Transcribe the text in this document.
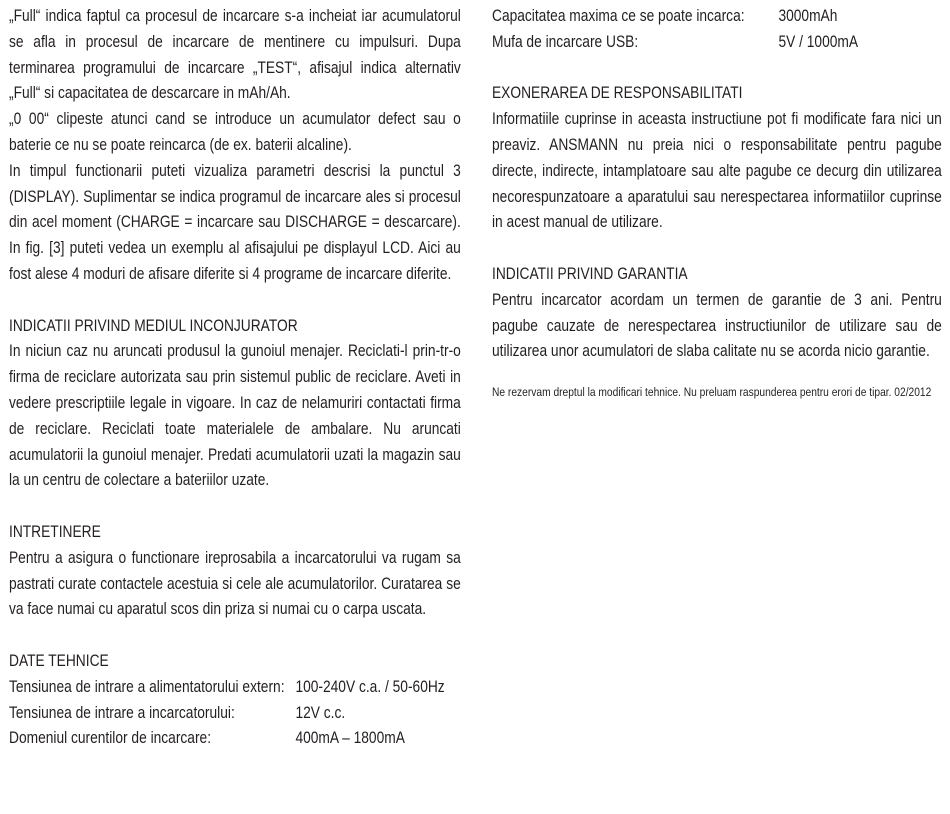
„Full“ indica faptul ca procesul de incarcare s-a incheiat iar acumulatorul se afla in procesul de incarcare de mentinere cu impulsuri. Dupa terminarea programului de incarcare „TEST“, afisajul indica alternativ „Full“ si capacitatea de descarcare in mAh/Ah.

„0 00“ clipeste atunci cand se introduce un acumulator defect sau o baterie ce nu se poate reincarca (de ex. baterii alcaline).

In timpul functionarii puteti vizualiza parametri descrisi la punctul 3 (DISPLAY). Suplimentar se indica programul de incarcare ales si procesul din acel moment (CHARGE = incarcare sau DISCHARGE = descarcare). In fig. [3] puteti vedea un exemplu al afisajului pe displayul LCD. Aici au fost alese 4 moduri de afisare diferite si 4 programe de incarcare diferite.

INDICATII PRIVIND MEDIUL INCONJURATOR

In niciun caz nu aruncati produsul la gunoiul menajer. Reciclati-l prin-tr-o firma de reciclare autorizata sau prin sistemul public de reciclare. Aveti in vedere prescriptiile legale in vigoare. In caz de nelamuriri contactati firma de reciclare. Reciclati toate materialele de ambalare. Nu aruncati acumulatorii la gunoiul menajer. Predati acumulatorii uzati la magazin sau la un centru de colectare a bateriilor uzate.

INTRETINERE

Pentru a asigura o functionare ireprosabila a incarcatorului va rugam sa pastrati curate contactele acestuia si cele ale acumulatorilor. Curatarea se va face numai cu aparatul scos din priza si numai cu o carpa uscata.

DATE TEHNICE

Tensiunea de intrare a alimentatorului extern: 100-240V c.a. / 50-60Hz
Tensiunea de intrare a incarcatorului:	12V c.c.
Domeniul curentilor de incarcare:	400mA – 1800mA
Capacitatea maxima ce se poate incarca:	3000mAh
Mufa de incarcare USB:	5V / 1000mA

EXONERAREA DE RESPONSABILITATI

Informatiile cuprinse in aceasta instructiune pot fi modificate fara nici un preaviz. ANSMANN nu preia nici o responsabilitate pentru pagube directe, indirecte, intamplatoare sau alte pagube ce decurg din utilizarea necorespunzatoare a aparatului sau nerespectarea informatiilor cuprinse in acest manual de utilizare.

INDICATII PRIVIND GARANTIA

Pentru incarcator acordam un termen de garantie de 3 ani. Pentru pagube cauzate de nerespectarea instructiunilor de utilizare sau de utilizarea unor acumulatori de slaba calitate nu se acorda nicio garantie.

Ne rezervam dreptul la modificari tehnice. Nu preluam raspunderea pentru erori de tipar. 02/2012
